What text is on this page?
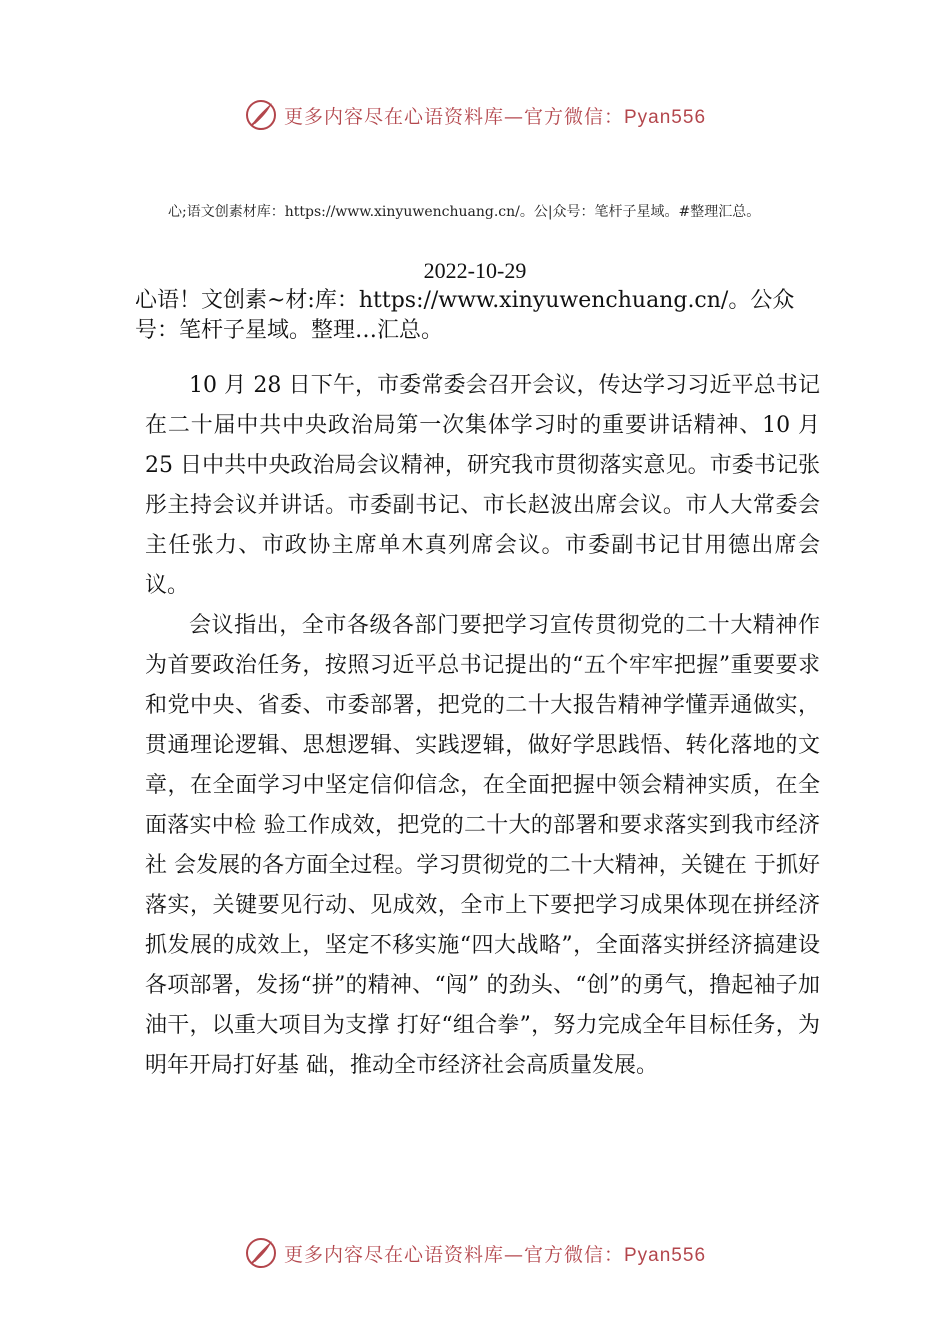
更多内容尽在心语资料库—官方微信：Pyan556
心;语文创素材库：https://www.xinyuwenchuang.cn/。公|众号：笔杆子星域。#整理汇总。
2022-10-29
心语！文创素~材:库：https://www.xinyuwenchuang.cn/。公众号：笔杆子星域。整理…汇总。

10 月 28 日下午，市委常委会召开会议，传达学习习近平总书记在二十届中共中央政治局第一次集体学习时的重要讲话精神、10 月 25 日中共中央政治局会议精神，研究我市贯彻落实意见。市委书记张彤主持会议并讲话。市委副书记、市长赵波出席会议。市人大常委会主任张力、市政协主席单木真列席会议。市委副书记甘用德出席会议。

会议指出，全市各级各部门要把学习宣传贯彻党的二十大精神作为首要政治任务，按照习近平总书记提出的“五个牢牢把握”重要要求和党中央、省委、市委部署，把党的二十大报告精神学懂弄通做实，贯通理论逻辑、思想逻辑、实践逻辑，做好学思践悟、转化落地的文章，在全面学习中坚定信仰信念，在全面把握中领会精神实质，在全面落实中检 验工作成效，把党的二十大的部署和要求落实到我市经济社 会发展的各方面全过程。学习贯彻党的二十大精神，关键在 于抓好落实，关键要见行动、见成效，全市上下要把学习成果体现在拼经济抓发展的成效上，坚定不移实施“四大战略”，全面落实拼经济搞建设各项部署，发扬“拼”的精神、“闯” 的劲头、“创”的勇气，撸起袖子加油干，以重大项目为支撑 打好“组合拳”，努力完成全年目标任务，为明年开局打好基 础，推动全市经济社会高质量发展。

更多内容尽在心语资料库—官方微信：Pyan556
